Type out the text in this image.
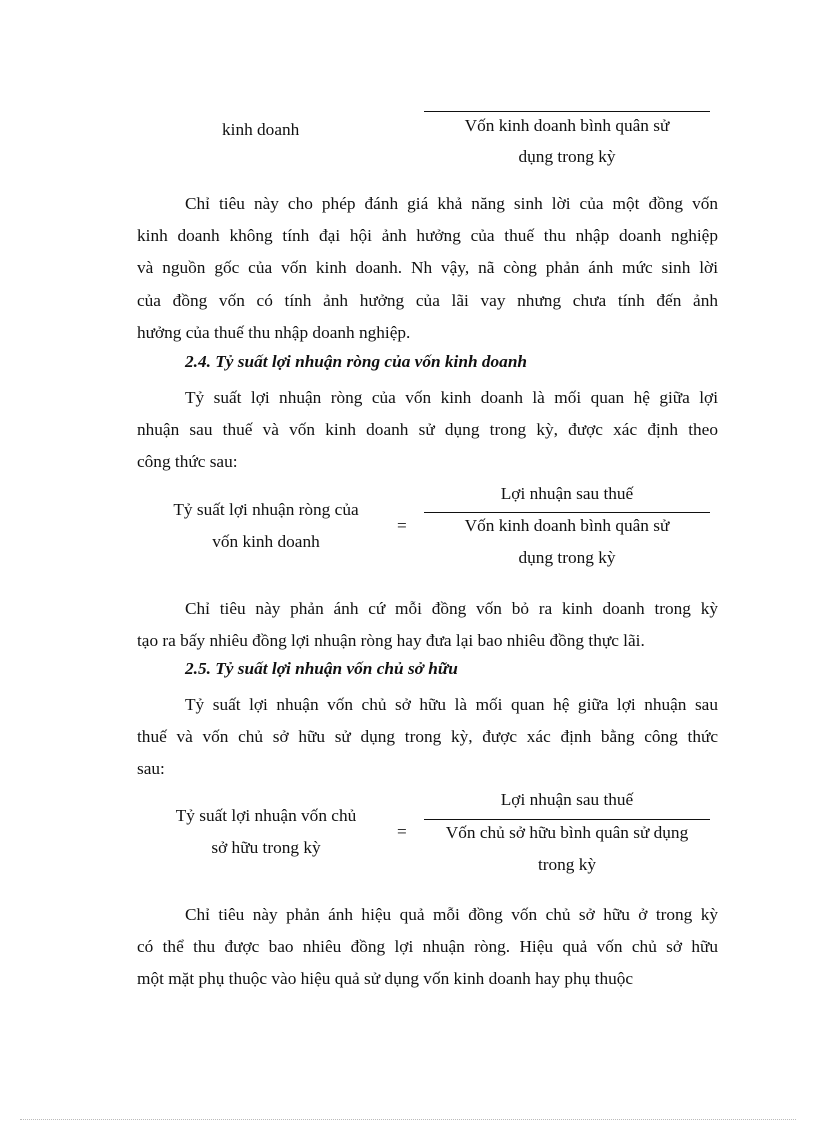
kinh doanh	Vốn kinh doanh bình quân sử
dụng trong kỳ
Chỉ tiêu này cho phép đánh giá khả năng sinh lời của một đồng vốn
kinh doanh không tính đại hội ảnh hưởng của thuế thu nhập doanh nghiệp
và nguồn gốc của vốn kinh doanh. Nh vậy, nã còng phản ánh mức sinh lời
của đồng vốn có tính ảnh hưởng của lãi vay nhưng chưa tính đến ảnh
hưởng của thuế thu nhập doanh nghiệp.
2.4. Tỷ suất lợi nhuận ròng của vốn kinh doanh
Tỷ suất lợi nhuận ròng của vốn kinh doanh là mối quan hệ giữa lợi
nhuận sau thuế và vốn kinh doanh sử dụng trong kỳ, được xác định theo
công thức sau:
Tỷ suất lợi nhuận ròng của
vốn kinh doanh
=
Lợi nhuận sau thuế
Vốn kinh doanh bình quân sử
dụng trong kỳ
Chỉ tiêu này phản ánh cứ mỗi đồng vốn bỏ ra kinh doanh trong kỳ
tạo ra bấy nhiêu đồng lợi nhuận ròng hay đưa lại bao nhiêu đồng thực lãi.
2.5. Tỷ suất lợi nhuận vốn chủ sở hữu
Tỷ suất lợi nhuận vốn chủ sở hữu là mối quan hệ giữa lợi nhuận sau
thuế và vốn chủ sở hữu sử dụng trong kỳ, được xác định bằng công thức
sau:
Tỷ suất lợi nhuận vốn chủ
sở hữu trong kỳ
=
Lợi nhuận sau thuế
Vốn chủ sở hữu bình quân sử dụng
trong kỳ
Chỉ tiêu này phản ánh hiệu quả mỗi đồng vốn chủ sở hữu ở trong kỳ
có thể thu được bao nhiêu đồng lợi nhuận ròng. Hiệu quả vốn chủ sở hữu
một mặt phụ thuộc vào hiệu quả sử dụng vốn kinh doanh hay phụ thuộc
